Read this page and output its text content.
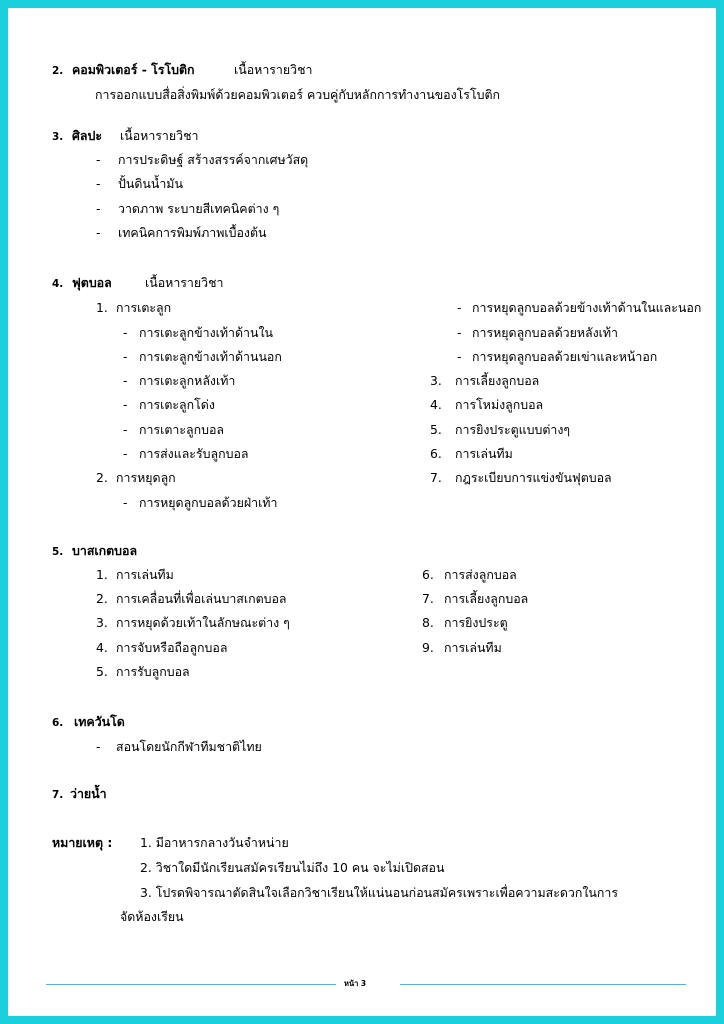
2. คอมพิวเตอร์ - โรโบติก	เนื้อหารายวิชา
การออกแบบสื่อสิ่งพิมพ์ด้วยคอมพิวเตอร์ ควบคู่กับหลักการทำงานของโรโบติก
3. ศิลปะ เนื้อหารายวิชา
- การประดิษฐ์ สร้างสรรค์จากเศษวัสดุ
- ปั้นดินน้ำมัน
- วาดภาพ ระบายสีเทคนิคต่าง ๆ
- เทคนิคการพิมพ์ภาพเบื้องต้น
4. ฟุตบอล	เนื้อหารายวิชา
1. การเตะลูก
- การเตะลูกข้างเท้าด้านใน
- การเตะลูกข้างเท้าด้านนอก
- การเตะลูกหลังเท้า
- การเตะลูกโด่ง
- การเตาะลูกบอล
- การส่งและรับลูกบอล
2. การหยุดลูก
- การหยุดลูกบอลด้วยฝ่าเท้า
- การหยุดลูกบอลด้วยข้างเท้าด้านในและนอก
- การหยุดลูกบอลด้วยหลังเท้า
- การหยุดลูกบอลด้วยเข่าและหน้าอก
3. การเลี้ยงลูกบอล
4. การโหม่งลูกบอล
5. การยิงประตูแบบต่างๆ
6. การเล่นทีม
7. กฎระเบียบการแข่งขันฟุตบอล
5. บาสเกตบอล
1. การเล่นทีม
2. การเคลื่อนที่เพื่อเล่นบาสเกตบอล
3. การหยุดด้วยเท้าในลักษณะต่าง ๆ
4. การจับหรือถือลูกบอล
5. การรับลูกบอล
6. การส่งลูกบอล
7. การเลี้ยงลูกบอล
8. การยิงประตู
9. การเล่นทีม
6. เทควันโด
- สอนโดยนักกีฬาทีมชาติไทย
7. ว่ายน้ำ
หมายเหตุ : 1. มีอาหารกลางวันจำหน่าย
2. วิชาใดมีนักเรียนสมัครเรียนไม่ถึง 10 คน จะไม่เปิดสอน
3. โปรดพิจารณาตัดสินใจเลือกวิชาเรียนให้แน่นอนก่อนสมัครเพราะเพื่อความสะดวกในการ
จัดห้องเรียน
หน้า 3
